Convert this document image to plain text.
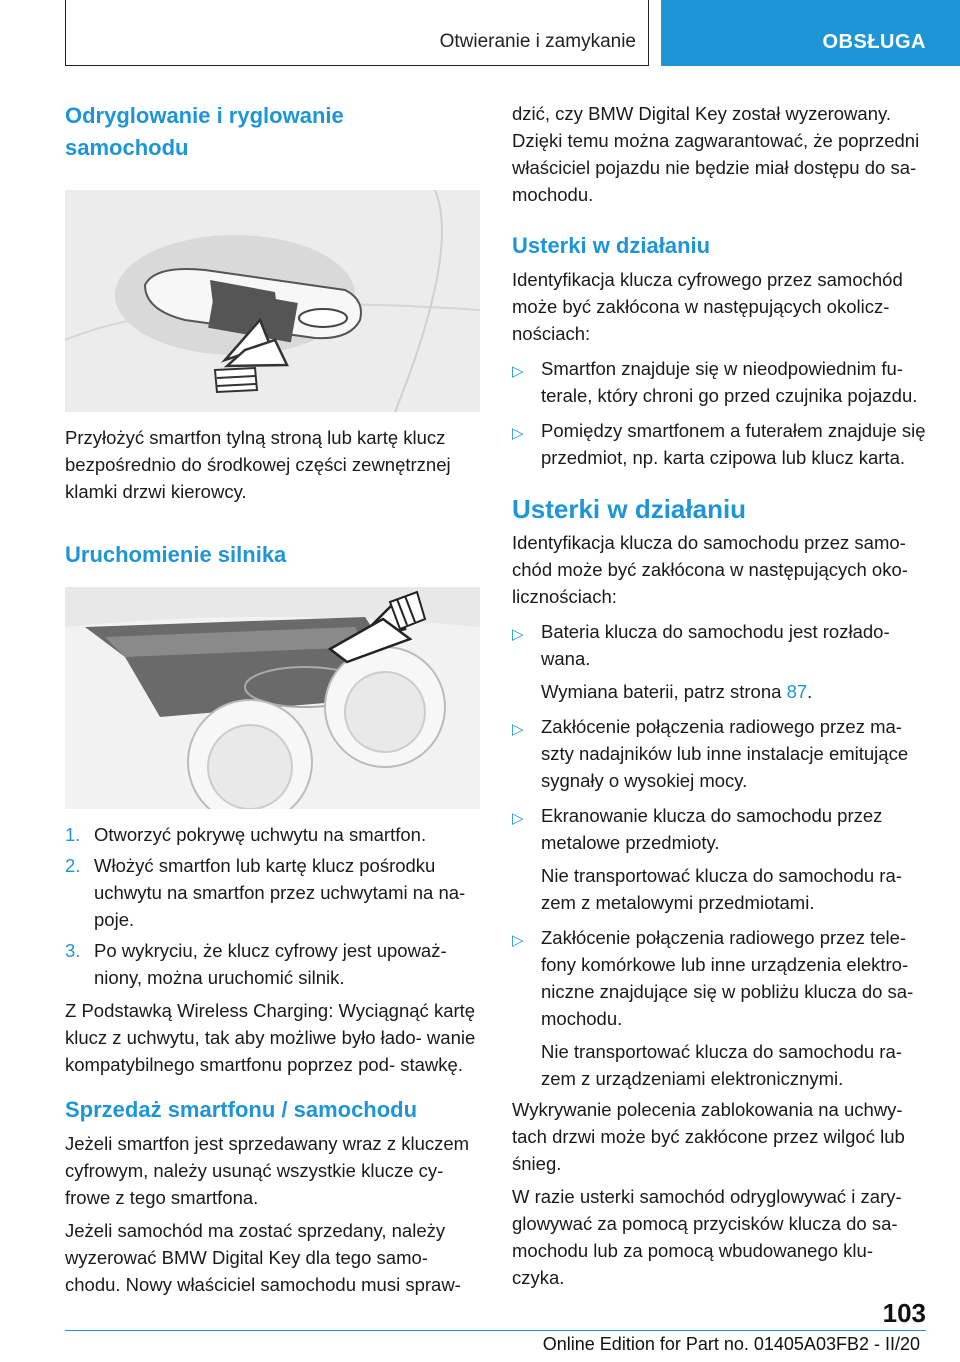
Otwieranie i zamykanie	OBSŁUGA
Odryglowanie i ryglowanie samochodu
Przyłożyć smartfon tylną stroną lub kartę klucz bezpośrednio do środkowej części zewnętrznej klamki drzwi kierowcy.
Uruchomienie silnika
1. Otworzyć pokrywę uchwytu na smartfon.
2. Włożyć smartfon lub kartę klucz pośrodku uchwytu na smartfon przez uchwytami na na- poje.
3. Po wykryciu, że klucz cyfrowy jest upoważ- niony, można uruchomić silnik.
Z Podstawką Wireless Charging: Wyciągnąć kartę klucz z uchwytu, tak aby możliwe było łado- wanie kompatybilnego smartfonu poprzez pod- stawkę.
Sprzedaż smartfonu / samochodu
Jeżeli smartfon jest sprzedawany wraz z kluczem cyfrowym, należy usunąć wszystkie klucze cy- frowe z tego smartfona.
Jeżeli samochód ma zostać sprzedany, należy wyzerować BMW Digital Key dla tego samo- chodu. Nowy właściciel samochodu musi spraw-
dzić, czy BMW Digital Key został wyzerowany. Dzięki temu można zagwarantować, że poprzedni właściciel pojazdu nie będzie miał dostępu do sa- mochodu.
Usterki w działaniu
Identyfikacja klucza cyfrowego przez samochód może być zakłócona w następujących okolicz- nościach:
▷ Smartfon znajduje się w nieodpowiednim fu- terale, który chroni go przed czujnika pojazdu.
▷ Pomiędzy smartfonem a futerałem znajduje się przedmiot, np. karta czipowa lub klucz karta.
Usterki w działaniu
Identyfikacja klucza do samochodu przez samo- chód może być zakłócona w następujących oko- licznościach:
▷ Bateria klucza do samochodu jest rozłado- wana.
Wymiana baterii, patrz strona 87.
▷ Zakłócenie połączenia radiowego przez ma- szty nadajników lub inne instalacje emitujące sygnały o wysokiej mocy.
▷ Ekranowanie klucza do samochodu przez metalowe przedmioty.
Nie transportować klucza do samochodu ra- zem z metalowymi przedmiotami.
▷ Zakłócenie połączenia radiowego przez tele- fony komórkowe lub inne urządzenia elektro- niczne znajdujące się w pobliżu klucza do sa- mochodu.
Nie transportować klucza do samochodu ra- zem z urządzeniami elektronicznymi.
Wykrywanie polecenia zablokowania na uchwy- tach drzwi może być zakłócone przez wilgoć lub śnieg.
W razie usterki samochód odryglowywać i zary- glowywać za pomocą przycisków klucza do sa- mochodu lub za pomocą wbudowanego klu- czyka.
103
Online Edition for Part no. 01405A03FB2 - II/20
